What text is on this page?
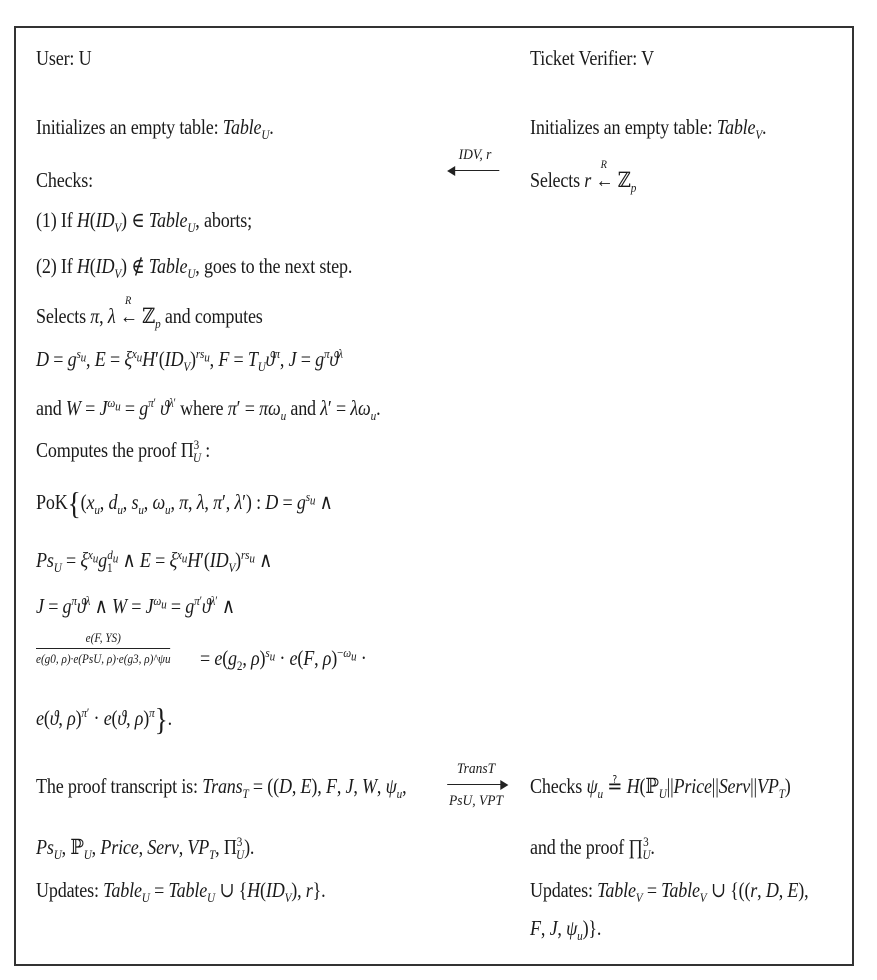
User: U	Ticket Verifier: V
Initializes an empty table: Table$_U$.
Checks:
(1) If $H(ID_V)$ ∈ Table$_U$, aborts;
(2) If $H(ID_V)$ ∉ Table$_U$, goes to the next step.
Selects π, λ ←
R
ℤ$_p$ and computes
$D = g^{s_u}$, $E = \xi^{x_u}H'(ID_V)^{rs_u}$, $F = T_Uϑ^\pi$, $J = g^\pi ϑ^\lambda$
and $W = J^{\omega_u} = g^{\pi'}$ $ϑ^{\lambda'}$ where $\pi' = \pi\omega_u$ and $\lambda' = \lambda\omega_u$.
Computes the proof $\Pi^3_U$ :
$PoK\{(x_u$, $d_u$, $s_u$, $\omega_u$, π, λ, π′, λ′) : $D = g^{s_u}$ ∧
$Ps_U = \xi^{x_u}g_1^{d_u}$ ∧ $E = \xi^{x_u}H'(ID_V)^{rs_u}$ ∧
$J = g^\pi ϑ^\lambda$ ∧ $W = J^{\omega_u} = g^{\pi'}ϑ^{\lambda'}$ ∧
e(F, YS)
e(g0, ρ)·e(PsU, ρ)·e(g3, ρ)^ψu = $e(g_2$, ρ)$^{s_u}$ · e(F, ρ)$^{-\omega_u}$ ·
e(ϑ, ρ)$^{\pi'}$ · e(ϑ, ρ)$^\pi$}.
The proof transcript is: Trans$_T$ = ((D, E), F, J, W, $\psi_u$,
$Ps_U$, ℙ$_U$, Price, Serv, $VP_T$, $\Pi^3_U$).
Updates: Table$_U$ = Table$_U$ ∪ {$H(ID_V)$, r}.
IDV, r
TransT
PsU, VPT
Initializes an empty table: Table$_V$.
Selects r ←
R
ℤ$_p$
Checks $\psi_u$ ≟ $H(ℙ_U||Price||Serv||VP_T)$
and the proof ∏$^3_U$.
Updates: Table$_V$ = Table$_V$ ∪ {((r, D, E),
F, J, $\psi_u$)}.
